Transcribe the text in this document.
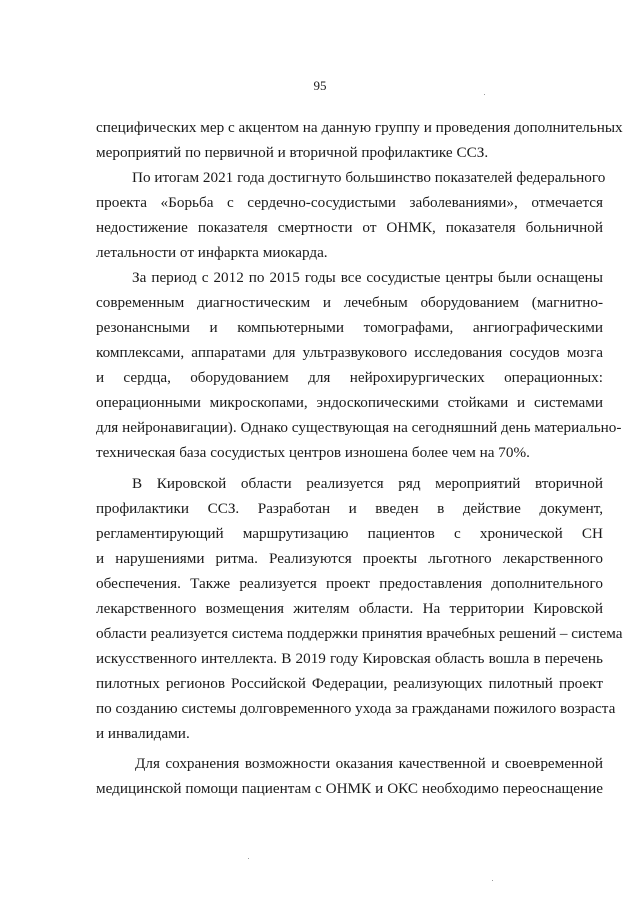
95
специфических мер с акцентом на данную группу и проведения дополнительных
мероприятий по первичной и вторичной профилактике ССЗ.
По итогам 2021 года достигнуто большинство показателей федерального
проекта «Борьба с сердечно-сосудистыми заболеваниями», отмечается
недостижение показателя смертности от ОНМК, показателя больничной
летальности от инфаркта миокарда.
За период с 2012 по 2015 годы все сосудистые центры были оснащены
современным диагностическим и лечебным оборудованием (магнитно-
резонансными и компьютерными томографами, ангиографическими
комплексами, аппаратами для ультразвукового исследования сосудов мозга
и сердца, оборудованием для нейрохирургических операционных:
операционными микроскопами, эндоскопическими стойками и системами
для нейронавигации). Однако существующая на сегодняшний день материально-
техническая база сосудистых центров изношена более чем на 70%.
В Кировской области реализуется ряд мероприятий вторичной
профилактики ССЗ. Разработан и введен в действие документ,
регламентирующий маршрутизацию пациентов с хронической СН
и нарушениями ритма. Реализуются проекты льготного лекарственного
обеспечения. Также реализуется проект предоставления дополнительного
лекарственного возмещения жителям области. На территории Кировской
области реализуется система поддержки принятия врачебных решений – система
искусственного интеллекта. В 2019 году Кировская область вошла в перечень
пилотных регионов Российской Федерации, реализующих пилотный проект
по созданию системы долговременного ухода за гражданами пожилого возраста
и инвалидами.
Для сохранения возможности оказания качественной и своевременной
медицинской помощи пациентам с ОНМК и ОКС необходимо переоснащение
